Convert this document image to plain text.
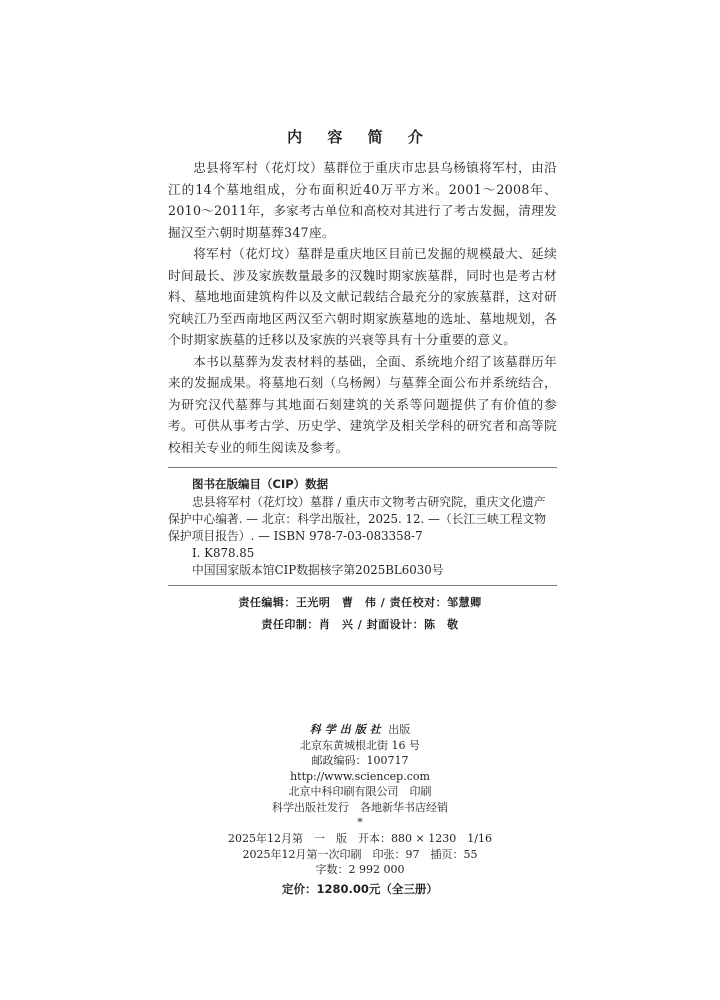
内 容 简 介

忠县将军村（花灯坟）墓群位于重庆市忠县乌杨镇将军村，由沿江的14个墓地组成，分布面积近40万平方米。2001～2008年、2010～2011年，多家考古单位和高校对其进行了考古发掘，清理发掘汉至六朝时期墓葬347座。

将军村（花灯坟）墓群是重庆地区目前已发掘的规模最大、延续时间最长、涉及家族数量最多的汉魏时期家族墓群，同时也是考古材料、墓地地面建筑构件以及文献记载结合最充分的家族墓群，这对研究峡江乃至西南地区两汉至六朝时期家族墓地的选址、墓地规划，各个时期家族墓的迁移以及家族的兴衰等具有十分重要的意义。

本书以墓葬为发表材料的基础，全面、系统地介绍了该墓群历年来的发掘成果。将墓地石刻（乌杨阙）与墓葬全面公布并系统结合，为研究汉代墓葬与其地面石刻建筑的关系等问题提供了有价值的参考。可供从事考古学、历史学、建筑学及相关学科的研究者和高等院校相关专业的师生阅读及参考。

图书在版编目（CIP）数据

忠县将军村（花灯坟）墓群 / 重庆市文物考古研究院，重庆文化遗产保护中心编著. — 北京：科学出版社，2025. 12. —（长江三峡工程文物保护项目报告）. — ISBN 978-7-03-083358-7

Ⅰ. K878.85

中国国家版本馆CIP数据核字第2025BL6030号

责任编辑：王光明　曹　伟 / 责任校对：邹慧卿
责任印制：肖　兴 / 封面设计：陈　敬

科学出版社 出版

北京东黄城根北街 16 号

邮政编码：100717

http://www.sciencep.com

北京中科印刷有限公司　印刷

科学出版社发行　各地新华书店经销

*

2025年12月第　一　版　开本：880 × 1230　1/16

2025年12月第一次印刷　印张：97　插页：55

字数：2 992 000

定价：1280.00元（全三册）
